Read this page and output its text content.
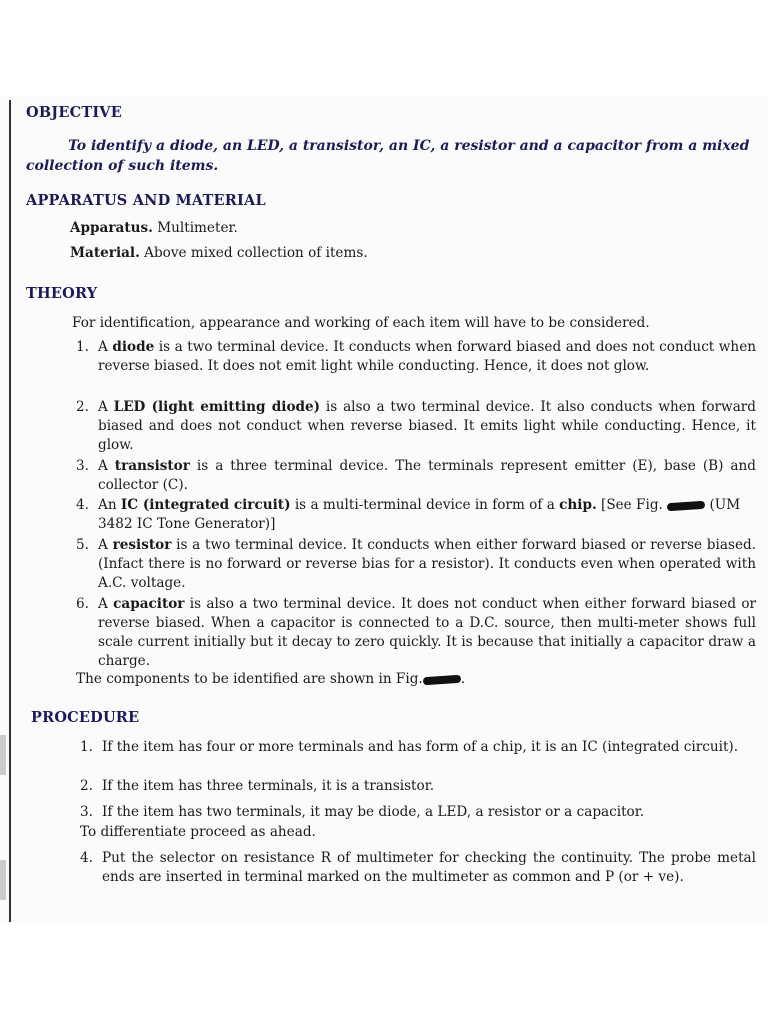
OBJECTIVE

To identify a diode, an LED, a transistor, an IC, a resistor and a capacitor from a mixed collection of such items.

APPARATUS AND MATERIAL
Apparatus. Multimeter.
Material. Above mixed collection of items.
THEORY
For identification, appearance and working of each item will have to be considered.
1. A diode is a two terminal device. It conducts when forward biased and does not conduct when reverse biased. It does not emit light while conducting. Hence, it does not glow.
2. A LED (light emitting diode) is also a two terminal device. It also conducts when forward biased and does not conduct when reverse biased. It emits light while conducting. Hence, it glow.
3. A transistor is a three terminal device. The terminals represent emitter (E), base (B) and collector (C).
4. An IC (integrated circuit) is a multi-terminal device in form of a chip. [See Fig.	(UM 3482 IC Tone Generator)]
5. A resistor is a two terminal device. It conducts when either forward biased or reverse biased. (Infact there is no forward or reverse bias for a resistor). It conducts even when operated with A.C. voltage.
6. A capacitor is also a two terminal device. It does not conduct when either forward biased or reverse biased. When a capacitor is connected to a D.C. source, then multi-meter shows full scale current initially but it decay to zero quickly. It is because that initially a capacitor draw a charge.
The components to be identified are shown in Fig.	.
PROCEDURE
1. If the item has four or more terminals and has form of a chip, it is an IC (integrated circuit).
2. If the item has three terminals, it is a transistor.
3. If the item has two terminals, it may be diode, a LED, a resistor or a capacitor.
To differentiate proceed as ahead.
4. Put the selector on resistance R of multimeter for checking the continuity. The probe metal ends are inserted in terminal marked on the multimeter as common and P (or + ve).
